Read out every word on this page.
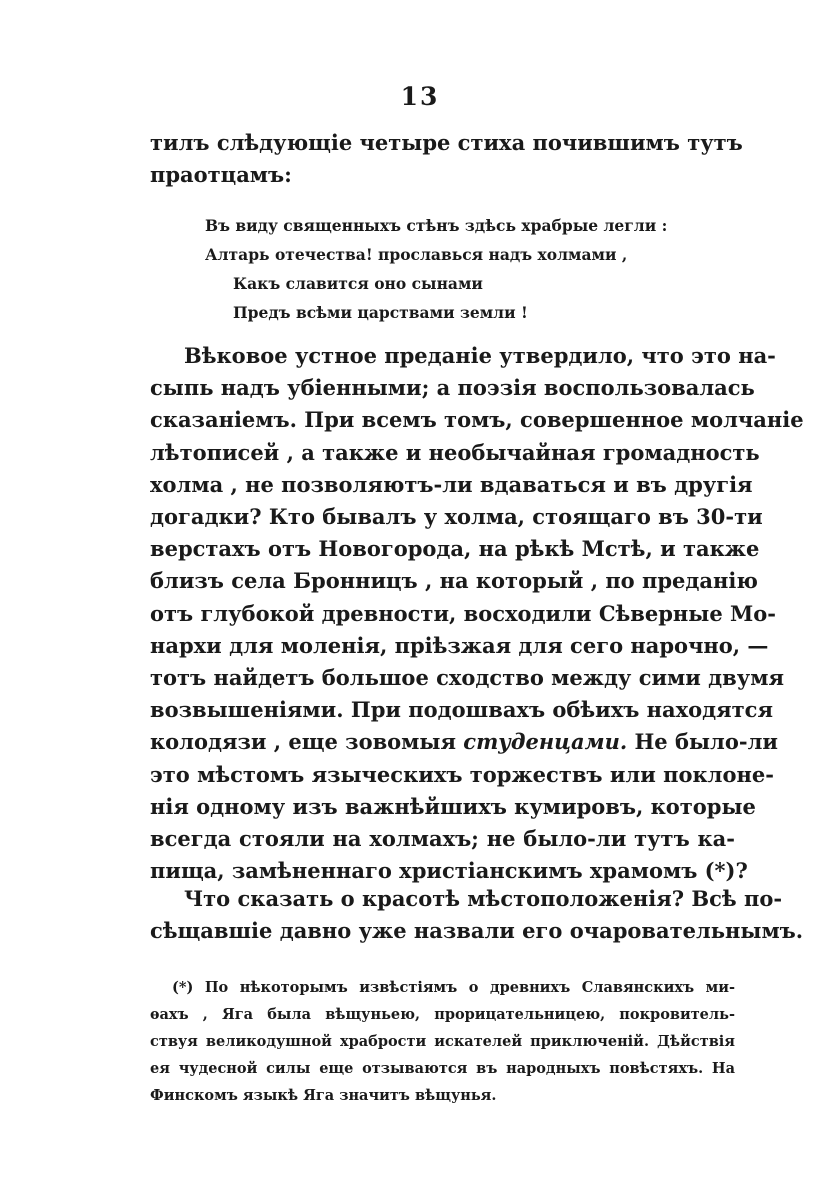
13
тилъ слѣдующіе четыре стиха почившимъ тутъ
праотцамъ:
Въ виду священныхъ стѣнъ здѣсь храбрые легли :
Алтарь отечества! прославься надъ холмами ,
Какъ славится оно сынами
Предъ всѣми царствами земли !
Вѣковое устное преданіе утвердило, что это на-
сыпь надъ убіенными; а поэзія воспользовалась
сказаніемъ. При всемъ томъ, совершенное молчаніе
лѣтописей , а также и необычайная громадность
холма , не позволяютъ-ли вдаваться и въ другія
догадки? Кто бывалъ у холма, стоящаго въ 30-ти
верстахъ отъ Новогорода, на рѣкѣ Мстѣ, и также
близъ села Бронницъ , на который , по преданію
отъ глубокой древности, восходили Сѣверные Мо-
нархи для моленія, пріѣзжая для сего нарочно, —
тотъ найдетъ большое сходство между сими двумя
возвышеніями. При подошвахъ обѣихъ находятся
колодязи , еще зовомыя студенцами. Не было-ли
это мѣстомъ языческихъ торжествъ или поклоне-
нія одному изъ важнѣйшихъ кумировъ, которые
всегда стояли на холмахъ; не было-ли тутъ ка-
пища, замѣненнаго христіанскимъ храмомъ (*)?
Что сказать о красотѣ мѣстоположенія? Всѣ по-
сѣщавшіе давно уже назвали его очаровательнымъ.
(*) По нѣкоторымъ извѣстіямъ о древнихъ Славянскихъ ми-
ѳахъ , Яга была вѣщуньею, прорицательницею, покровитель-
ствуя великодушной храбрости искателей приключеній. Дѣйствія
ея чудесной силы еще отзываются въ народныхъ повѣстяхъ. На
Финскомъ языкѣ Яга значитъ вѣщунья.
